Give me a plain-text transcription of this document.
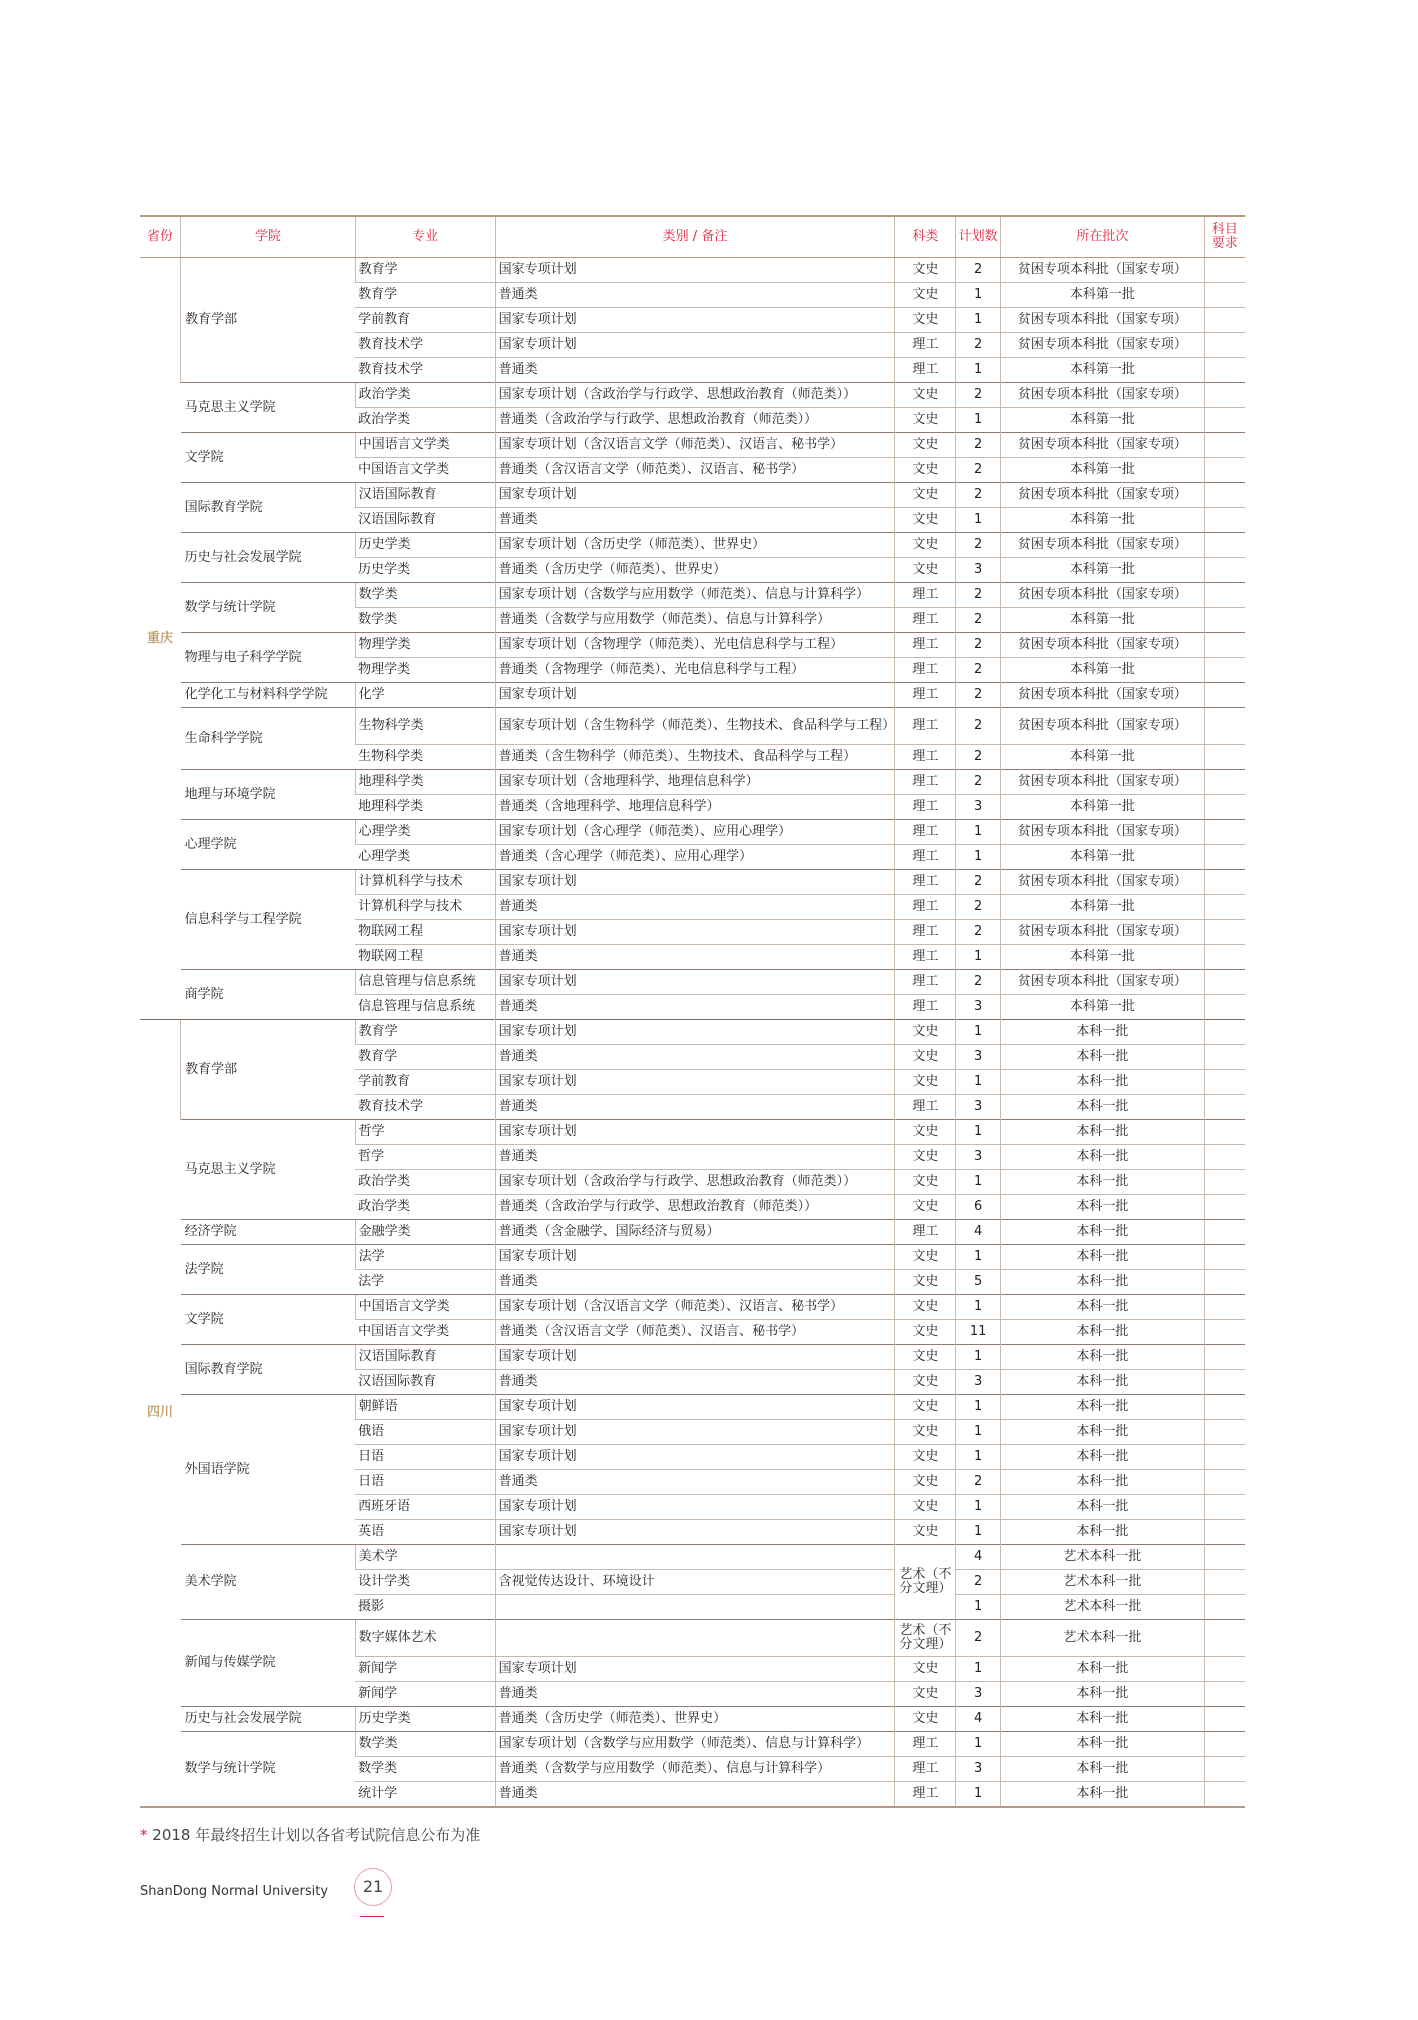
省份	学院	专业	类别 / 备注	科类	计划数	所在批次	科目要求
重庆	教育学部	教育学	国家专项计划	文史	2	贫困专项本科批（国家专项）	
		教育学	普通类	文史	1	本科第一批	
		学前教育	国家专项计划	文史	1	贫困专项本科批（国家专项）	
		教育技术学	国家专项计划	理工	2	贫困专项本科批（国家专项）	
		教育技术学	普通类	理工	1	本科第一批	
	马克思主义学院	政治学类	国家专项计划（含政治学与行政学、思想政治教育（师范类））	文史	2	贫困专项本科批（国家专项）	
		政治学类	普通类（含政治学与行政学、思想政治教育（师范类））	文史	1	本科第一批	
	文学院	中国语言文学类	国家专项计划（含汉语言文学（师范类）、汉语言、秘书学）	文史	2	贫困专项本科批（国家专项）	
		中国语言文学类	普通类（含汉语言文学（师范类）、汉语言、秘书学）	文史	2	本科第一批	
	国际教育学院	汉语国际教育	国家专项计划	文史	2	贫困专项本科批（国家专项）	
		汉语国际教育	普通类	文史	1	本科第一批	
	历史与社会发展学院	历史学类	国家专项计划（含历史学（师范类）、世界史）	文史	2	贫困专项本科批（国家专项）	
		历史学类	普通类（含历史学（师范类）、世界史）	文史	3	本科第一批	
	数学与统计学院	数学类	国家专项计划（含数学与应用数学（师范类）、信息与计算科学）	理工	2	贫困专项本科批（国家专项）	
		数学类	普通类（含数学与应用数学（师范类）、信息与计算科学）	理工	2	本科第一批	
	物理与电子科学学院	物理学类	国家专项计划（含物理学（师范类）、光电信息科学与工程）	理工	2	贫困专项本科批（国家专项）	
		物理学类	普通类（含物理学（师范类）、光电信息科学与工程）	理工	2	本科第一批	
	化学化工与材料科学学院	化学	国家专项计划	理工	2	贫困专项本科批（国家专项）	
	生命科学学院	生物科学类	国家专项计划（含生物科学（师范类）、生物技术、食品科学与工程）	理工	2	贫困专项本科批（国家专项）	
		生物科学类	普通类（含生物科学（师范类）、生物技术、食品科学与工程）	理工	2	本科第一批	
	地理与环境学院	地理科学类	国家专项计划（含地理科学、地理信息科学）	理工	2	贫困专项本科批（国家专项）	
		地理科学类	普通类（含地理科学、地理信息科学）	理工	3	本科第一批	
	心理学院	心理学类	国家专项计划（含心理学（师范类）、应用心理学）	理工	1	贫困专项本科批（国家专项）	
		心理学类	普通类（含心理学（师范类）、应用心理学）	理工	1	本科第一批	
	信息科学与工程学院	计算机科学与技术	国家专项计划	理工	2	贫困专项本科批（国家专项）	
		计算机科学与技术	普通类	理工	2	本科第一批	
		物联网工程	国家专项计划	理工	2	贫困专项本科批（国家专项）	
		物联网工程	普通类	理工	1	本科第一批	
	商学院	信息管理与信息系统	国家专项计划	理工	2	贫困专项本科批（国家专项）	
		信息管理与信息系统	普通类	理工	3	本科第一批	
四川	教育学部	教育学	国家专项计划	文史	1	本科一批	
		教育学	普通类	文史	3	本科一批	
		学前教育	国家专项计划	文史	1	本科一批	
		教育技术学	普通类	理工	3	本科一批	
	马克思主义学院	哲学	国家专项计划	文史	1	本科一批	
		哲学	普通类	文史	3	本科一批	
		政治学类	国家专项计划（含政治学与行政学、思想政治教育（师范类））	文史	1	本科一批	
		政治学类	普通类（含政治学与行政学、思想政治教育（师范类））	文史	6	本科一批	
	经济学院	金融学类	普通类（含金融学、国际经济与贸易）	理工	4	本科一批	
	法学院	法学	国家专项计划	文史	1	本科一批	
		法学	普通类	文史	5	本科一批	
	文学院	中国语言文学类	国家专项计划（含汉语言文学（师范类）、汉语言、秘书学）	文史	1	本科一批	
		中国语言文学类	普通类（含汉语言文学（师范类）、汉语言、秘书学）	文史	11	本科一批	
	国际教育学院	汉语国际教育	国家专项计划	文史	1	本科一批	
		汉语国际教育	普通类	文史	3	本科一批	
	外国语学院	朝鲜语	国家专项计划	文史	1	本科一批	
		俄语	国家专项计划	文史	1	本科一批	
		日语	国家专项计划	文史	1	本科一批	
		日语	普通类	文史	2	本科一批	
		西班牙语	国家专项计划	文史	1	本科一批	
		英语	国家专项计划	文史	1	本科一批	
	美术学院	美术学		艺术（不分文理）	4	艺术本科一批	
		设计学类	含视觉传达设计、环境设计		2	艺术本科一批	
		摄影			1	艺术本科一批	
	新闻与传媒学院	数字媒体艺术		艺术（不分文理）	2	艺术本科一批	
		新闻学	国家专项计划	文史	1	本科一批	
		新闻学	普通类	文史	3	本科一批	
	历史与社会发展学院	历史学类	普通类（含历史学（师范类）、世界史）	文史	4	本科一批	
	数学与统计学院	数学类	国家专项计划（含数学与应用数学（师范类）、信息与计算科学）	理工	1	本科一批	
		数学类	普通类（含数学与应用数学（师范类）、信息与计算科学）	理工	3	本科一批	
		统计学	普通类	理工	1	本科一批	
* 2018 年最终招生计划以各省考试院信息公布为准
ShanDong Normal University	21
